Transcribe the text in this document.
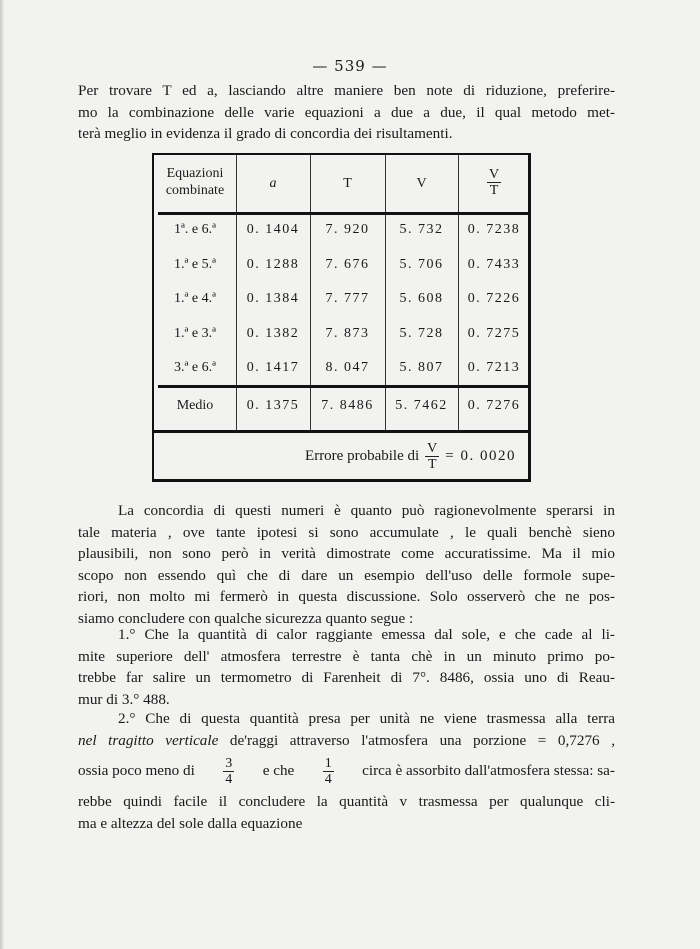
— 539 —
Per trovare T ed a, lasciando altre maniere ben note di riduzione, preferire-
mo la combinazione delle varie equazioni a due a due, il qual metodo met-
terà meglio in evidenza il grado di concordia dei risultamenti.
Equazioni
combinate	a	T	V	$\frac{V}{T}$
1ª. e 6.ª	0. 1404	7. 920	5. 732	0. 7238
1.ª e 5.ª	0. 1288	7. 676	5. 706	0. 7433
1.ª e 4.ª	0. 1384	7. 777	5. 608	0. 7226
1.ª e 3.ª	0. 1382	7. 873	5. 728	0. 7275
3.ª e 6.ª	0. 1417	8. 047	5. 807	0. 7213
Medio	0. 1375	7. 8486	5. 7462	0. 7276
Errore probabile di $\frac{V}{T} = 0$. 0020
La concordia di questi numeri è quanto può ragionevolmente sperarsi in
tale materia , ove tante ipotesi si sono accumulate , le quali benchè sieno
plausibili, non sono però in verità dimostrate come accuratissime. Ma il mio
scopo non essendo quì che di dare un esempio dell'uso delle formole supe-
riori, non molto mi fermerò in questa discussione. Solo osserverò che ne pos-
siamo concludere con qualche sicurezza quanto segue :
1.° Che la quantità di calor raggiante emessa dal sole, e che cade al li-
mite superiore dell' atmosfera terrestre è tanta chè in un minuto primo po-
trebbe far salire un termometro di Farenheit di 7°. 8486, ossia uno di Reau-
mur di 3.° 488.
2.° Che di questa quantità presa per unità ne viene trasmessa alla terra
nel tragitto verticale de'raggi attraverso l'atmosfera una porzione = 0,7276 ,
ossia poco meno di $\frac{3}{4}$ e che $\frac{1}{4}$ circa è assorbito dall'atmosfera stessa: sa-
rebbe quindi facile il concludere la quantità v trasmessa per qualunque cli-
ma e altezza del sole dalla equazione
